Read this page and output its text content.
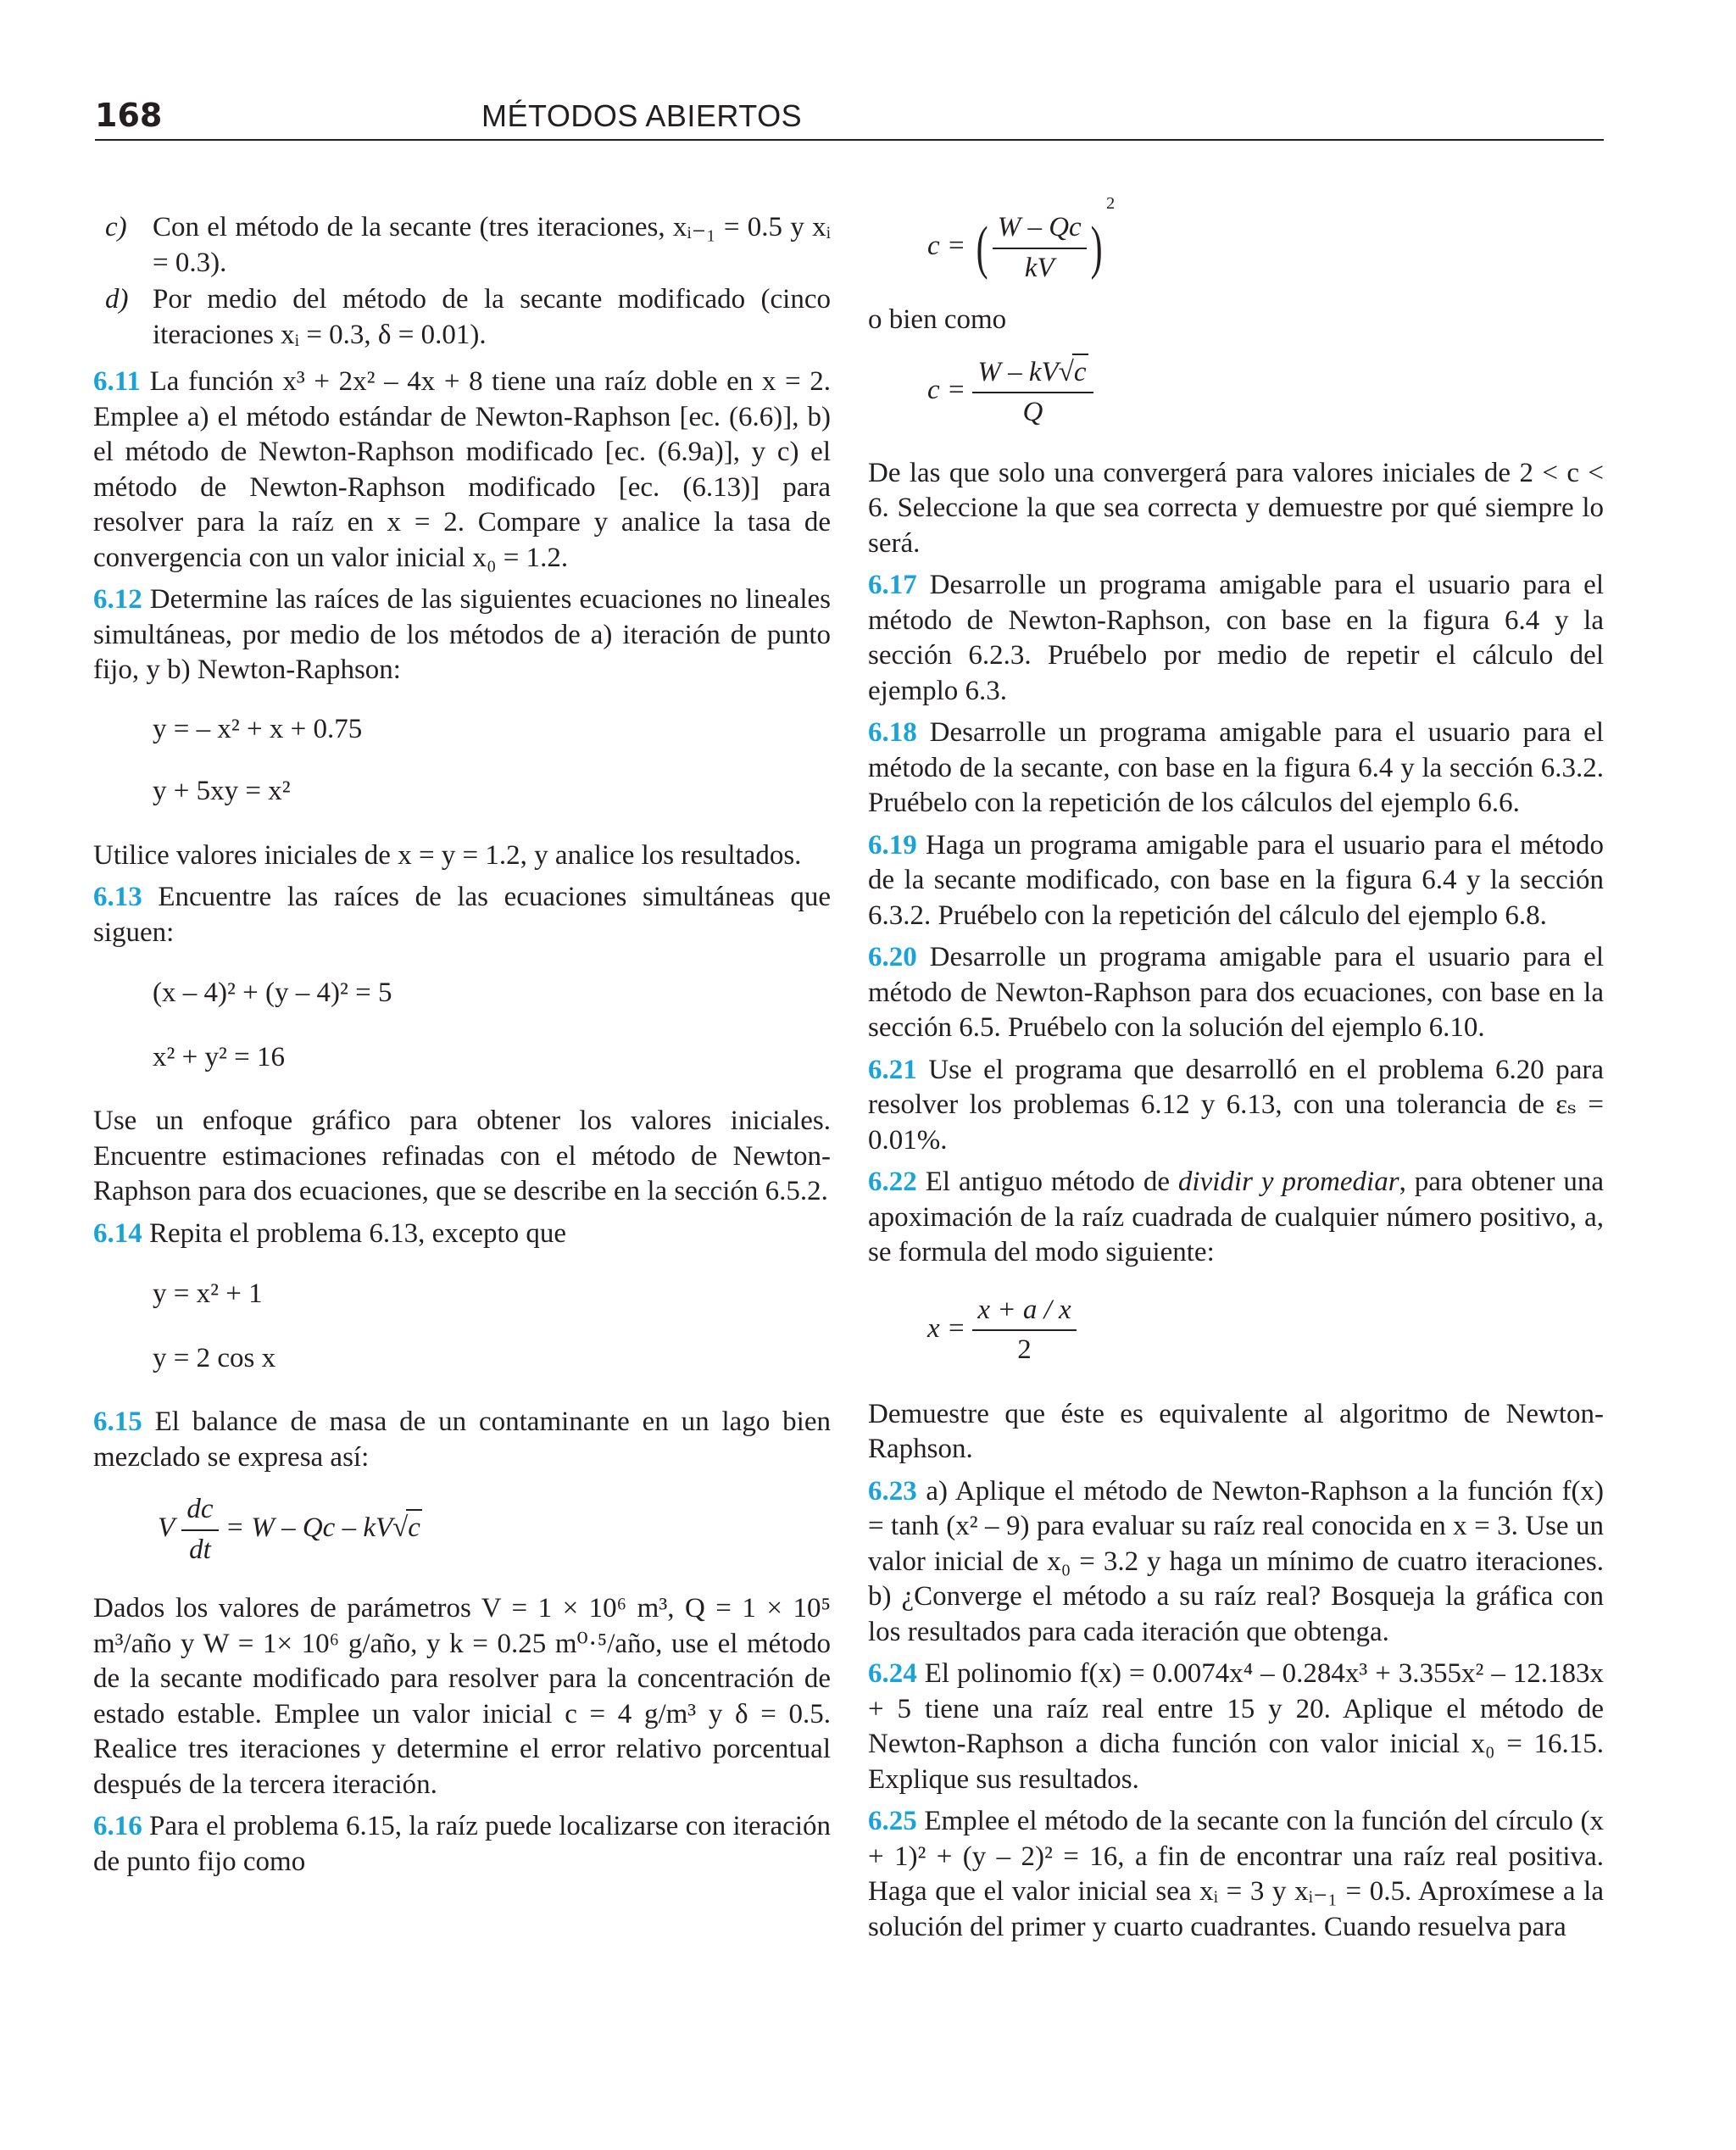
168	MÉTODOS ABIERTOS
c) Con el método de la secante (tres iteraciones, xᵢ₋₁ = 0.5 y xᵢ = 0.3).
d) Por medio del método de la secante modificado (cinco iteraciones xᵢ = 0.3, δ = 0.01).

6.11 La función x³ + 2x² – 4x + 8 tiene una raíz doble en x = 2. Emplee a) el método estándar de Newton-Raphson [ec. (6.6)], b) el método de Newton-Raphson modificado [ec. (6.9a)], y c) el método de Newton-Raphson modificado [ec. (6.13)] para resolver para la raíz en x = 2. Compare y analice la tasa de convergencia con un valor inicial x₀ = 1.2.

6.12 Determine las raíces de las siguientes ecuaciones no lineales simultáneas, por medio de los métodos de a) iteración de punto fijo, y b) Newton-Raphson:

y = – x² + x + 0.75

y + 5xy = x²

Utilice valores iniciales de x = y = 1.2, y analice los resultados.

6.13 Encuentre las raíces de las ecuaciones simultáneas que siguen:

(x – 4)² + (y – 4)² = 5

x² + y² = 16

Use un enfoque gráfico para obtener los valores iniciales. Encuentre estimaciones refinadas con el método de Newton-Raphson para dos ecuaciones, que se describe en la sección 6.5.2.

6.14 Repita el problema 6.13, excepto que

y = x² + 1

y = 2 cos x

6.15 El balance de masa de un contaminante en un lago bien mezclado se expresa así:

V $\frac{dc}{dt} = W - Qc - kV√c$

Dados los valores de parámetros V = 1 × 10⁶ m³, Q = 1 × 10⁵ m³/año y W = 1× 10⁶ g/año, y k = 0.25 m⁰·⁵/año, use el método de la secante modificado para resolver para la concentración de estado estable. Emplee un valor inicial c = 4 g/m³ y δ = 0.5. Realice tres iteraciones y determine el error relativo porcentual después de la tercera iteración.

6.16 Para el problema 6.15, la raíz puede localizarse con iteración de punto fijo como

c = ( $\frac{W - Qc}{kV} )^2$

o bien como

$c = \frac{W - kV√c}{Q}$

De las que solo una convergerá para valores iniciales de 2 < c < 6. Seleccione la que sea correcta y demuestre por qué siempre lo será.

6.17 Desarrolle un programa amigable para el usuario para el método de Newton-Raphson, con base en la figura 6.4 y la sección 6.2.3. Pruébelo por medio de repetir el cálculo del ejemplo 6.3.

6.18 Desarrolle un programa amigable para el usuario para el método de la secante, con base en la figura 6.4 y la sección 6.3.2. Pruébelo con la repetición de los cálculos del ejemplo 6.6.

6.19 Haga un programa amigable para el usuario para el método de la secante modificado, con base en la figura 6.4 y la sección 6.3.2. Pruébelo con la repetición del cálculo del ejemplo 6.8.

6.20 Desarrolle un programa amigable para el usuario para el método de Newton-Raphson para dos ecuaciones, con base en la sección 6.5. Pruébelo con la solución del ejemplo 6.10.

6.21 Use el programa que desarrolló en el problema 6.20 para resolver los problemas 6.12 y 6.13, con una tolerancia de εₛ = 0.01%.

6.22 El antiguo método de dividir y promediar, para obtener una apoximación de la raíz cuadrada de cualquier número positivo, a, se formula del modo siguiente:

$x = \frac{x + a / x}{2}$

Demuestre que éste es equivalente al algoritmo de Newton-Raphson.

6.23 a) Aplique el método de Newton-Raphson a la función f(x) = tanh (x² – 9) para evaluar su raíz real conocida en x = 3. Use un valor inicial de x₀ = 3.2 y haga un mínimo de cuatro iteraciones. b) ¿Converge el método a su raíz real? Bosqueja la gráfica con los resultados para cada iteración que obtenga.

6.24 El polinomio f(x) = 0.0074x⁴ – 0.284x³ + 3.355x² – 12.183x + 5 tiene una raíz real entre 15 y 20. Aplique el método de Newton-Raphson a dicha función con valor inicial x₀ = 16.15. Explique sus resultados.

6.25 Emplee el método de la secante con la función del círculo (x + 1)² + (y – 2)² = 16, a fin de encontrar una raíz real positiva. Haga que el valor inicial sea xᵢ = 3 y xᵢ₋₁ = 0.5. Aproxímese a la solución del primer y cuarto cuadrantes. Cuando resuelva para
